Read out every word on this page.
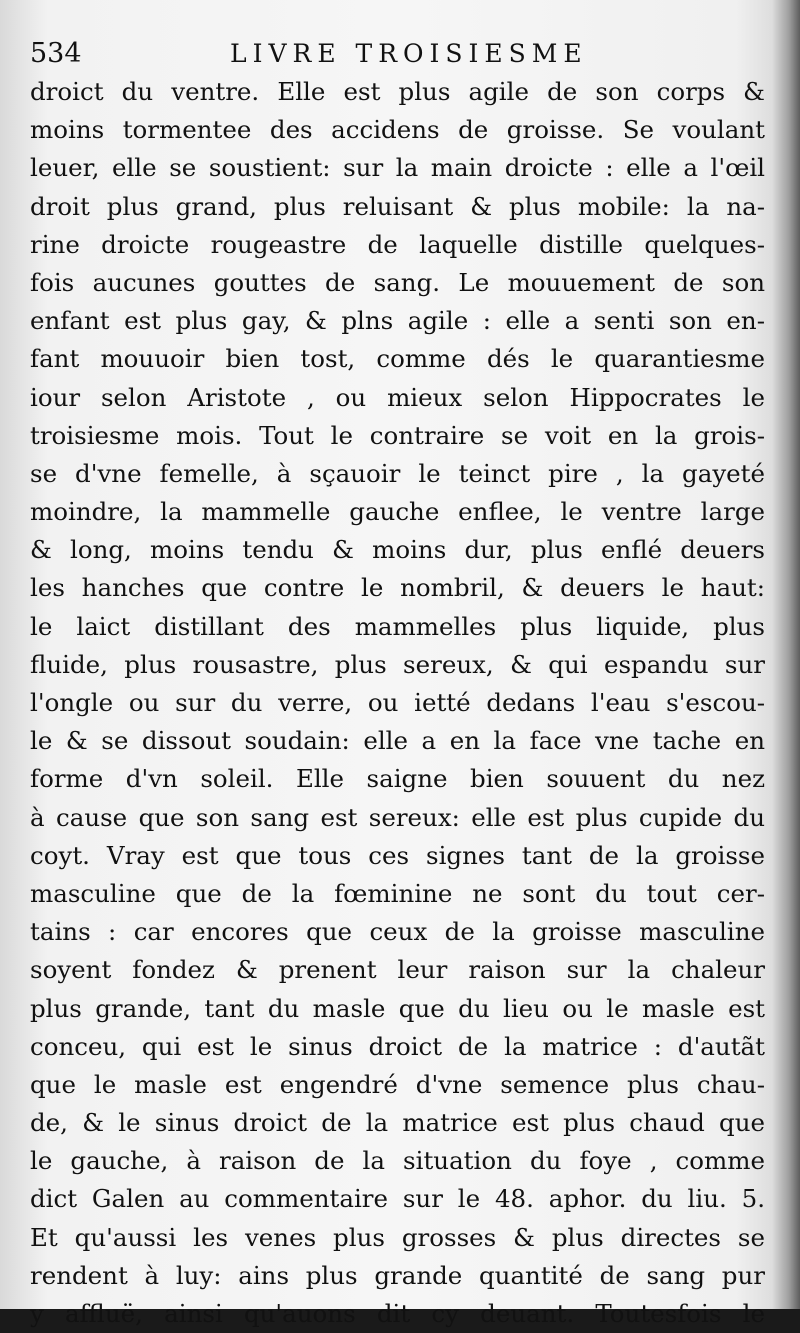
534	LIVRE TROISIESME
droict du ventre. Elle est plus agile de son corps &
moins tormentee des accidens de groisse. Se voulant
leuer, elle se soustient: sur la main droicte : elle a l'œil
droit plus grand, plus reluisant & plus mobile: la na-
rine droicte rougeastre de laquelle distille quelques-
fois aucunes gouttes de sang. Le mouuement de son
enfant est plus gay, & plns agile : elle a senti son en-
fant mouuoir bien tost, comme dés le quarantiesme
iour selon Aristote , ou mieux selon Hippocrates le
troisiesme mois. Tout le contraire se voit en la grois-
se d'vne femelle, à sçauoir le teinct pire , la gayeté
moindre, la mammelle gauche enflee, le ventre large
& long, moins tendu & moins dur, plus enflé deuers
les hanches que contre le nombril, & deuers le haut:
le laict distillant des mammelles plus liquide, plus
fluide, plus rousastre, plus sereux, & qui espandu sur
l'ongle ou sur du verre, ou ietté dedans l'eau s'escou-
le & se dissout soudain: elle a en la face vne tache en
forme d'vn soleil. Elle saigne bien souuent du nez
à cause que son sang est sereux: elle est plus cupide du
coyt. Vray est que tous ces signes tant de la groisse
masculine que de la fœminine ne sont du tout cer-
tains : car encores que ceux de la groisse masculine
soyent fondez & prenent leur raison sur la chaleur
plus grande, tant du masle que du lieu ou le masle est
conceu, qui est le sinus droict de la matrice : d'autãt
que le masle est engendré d'vne semence plus chau-
de, & le sinus droict de la matrice est plus chaud que
le gauche, à raison de la situation du foye , comme
dict Galen au commentaire sur le 48. aphor. du liu. 5.
Et qu'aussi les venes plus grosses & plus directes se
rendent à luy: ains plus grande quantité de sang pur
y affluë, ainsi qu'auons dit cy deuant. Toutesfois le
